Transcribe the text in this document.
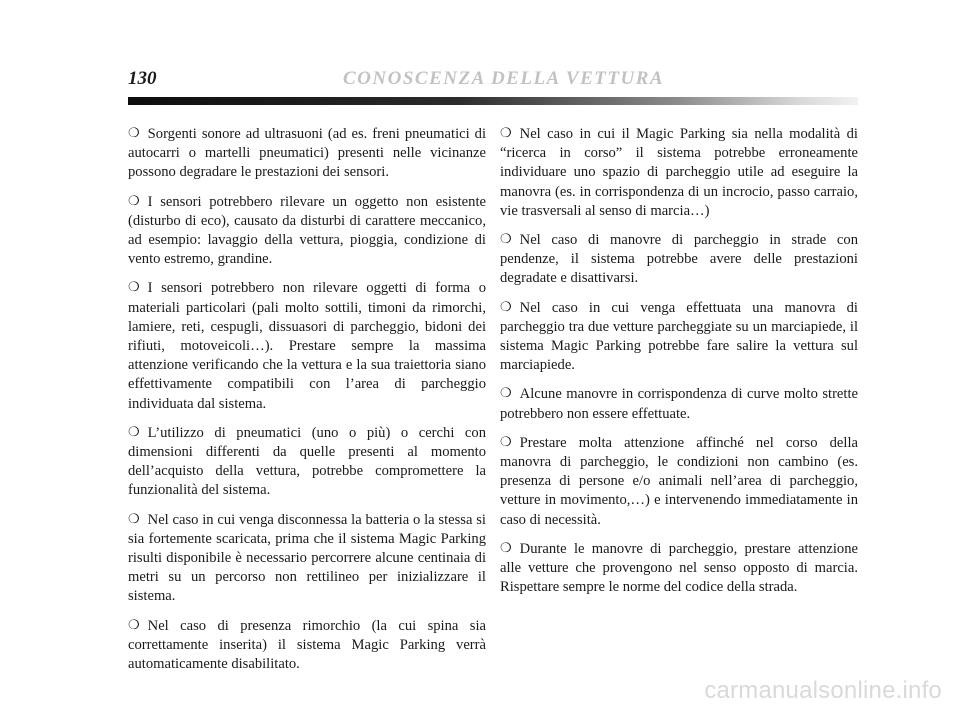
130	CONOSCENZA DELLA VETTURA

❍ Sorgenti sonore ad ultrasuoni (ad es. freni pneumatici di autocarri o martelli pneumatici) presenti nelle vicinanze possono degradare le prestazioni dei sensori.

❍ I sensori potrebbero rilevare un oggetto non esistente (disturbo di eco), causato da disturbi di carattere meccanico, ad esempio: lavaggio della vettura, pioggia, condizione di vento estremo, grandine.

❍ I sensori potrebbero non rilevare oggetti di forma o materiali particolari (pali molto sottili, timoni da rimorchi, lamiere, reti, cespugli, dissuasori di parcheggio, bidoni dei rifiuti, motoveicoli…). Prestare sempre la massima attenzione verificando che la vettura e la sua traiettoria siano effettivamente compatibili con l’area di parcheggio individuata dal sistema.

❍ L’utilizzo di pneumatici (uno o più) o cerchi con dimensioni differenti da quelle presenti al momento dell’acquisto della vettura, potrebbe compromettere la funzionalità del sistema.

❍ Nel caso in cui venga disconnessa la batteria o la stessa si sia fortemente scaricata, prima che il sistema Magic Parking risulti disponibile è necessario percorrere alcune centinaia di metri su un percorso non rettilineo per inizializzare il sistema.

❍ Nel caso di presenza rimorchio (la cui spina sia correttamente inserita) il sistema Magic Parking verrà automaticamente disabilitato.

❍ Nel caso in cui il Magic Parking sia nella modalità di “ricerca in corso” il sistema potrebbe erroneamente individuare uno spazio di parcheggio utile ad eseguire la manovra (es. in corrispondenza di un incrocio, passo carraio, vie trasversali al senso di marcia…)

❍ Nel caso di manovre di parcheggio in strade con pendenze, il sistema potrebbe avere delle prestazioni degradate e disattivarsi.

❍ Nel caso in cui venga effettuata una manovra di parcheggio tra due vetture parcheggiate su un marciapiede, il sistema Magic Parking potrebbe fare salire la vettura sul marciapiede.

❍ Alcune manovre in corrispondenza di curve molto strette potrebbero non essere effettuate.

❍ Prestare molta attenzione affinché nel corso della manovra di parcheggio, le condizioni non cambino (es. presenza di persone e/o animali nell’area di parcheggio, vetture in movimento,…) e intervenendo immediatamente in caso di necessità.

❍ Durante le manovre di parcheggio, prestare attenzione alle vetture che provengono nel senso opposto di marcia. Rispettare sempre le norme del codice della strada.

carmanualsonline.info
